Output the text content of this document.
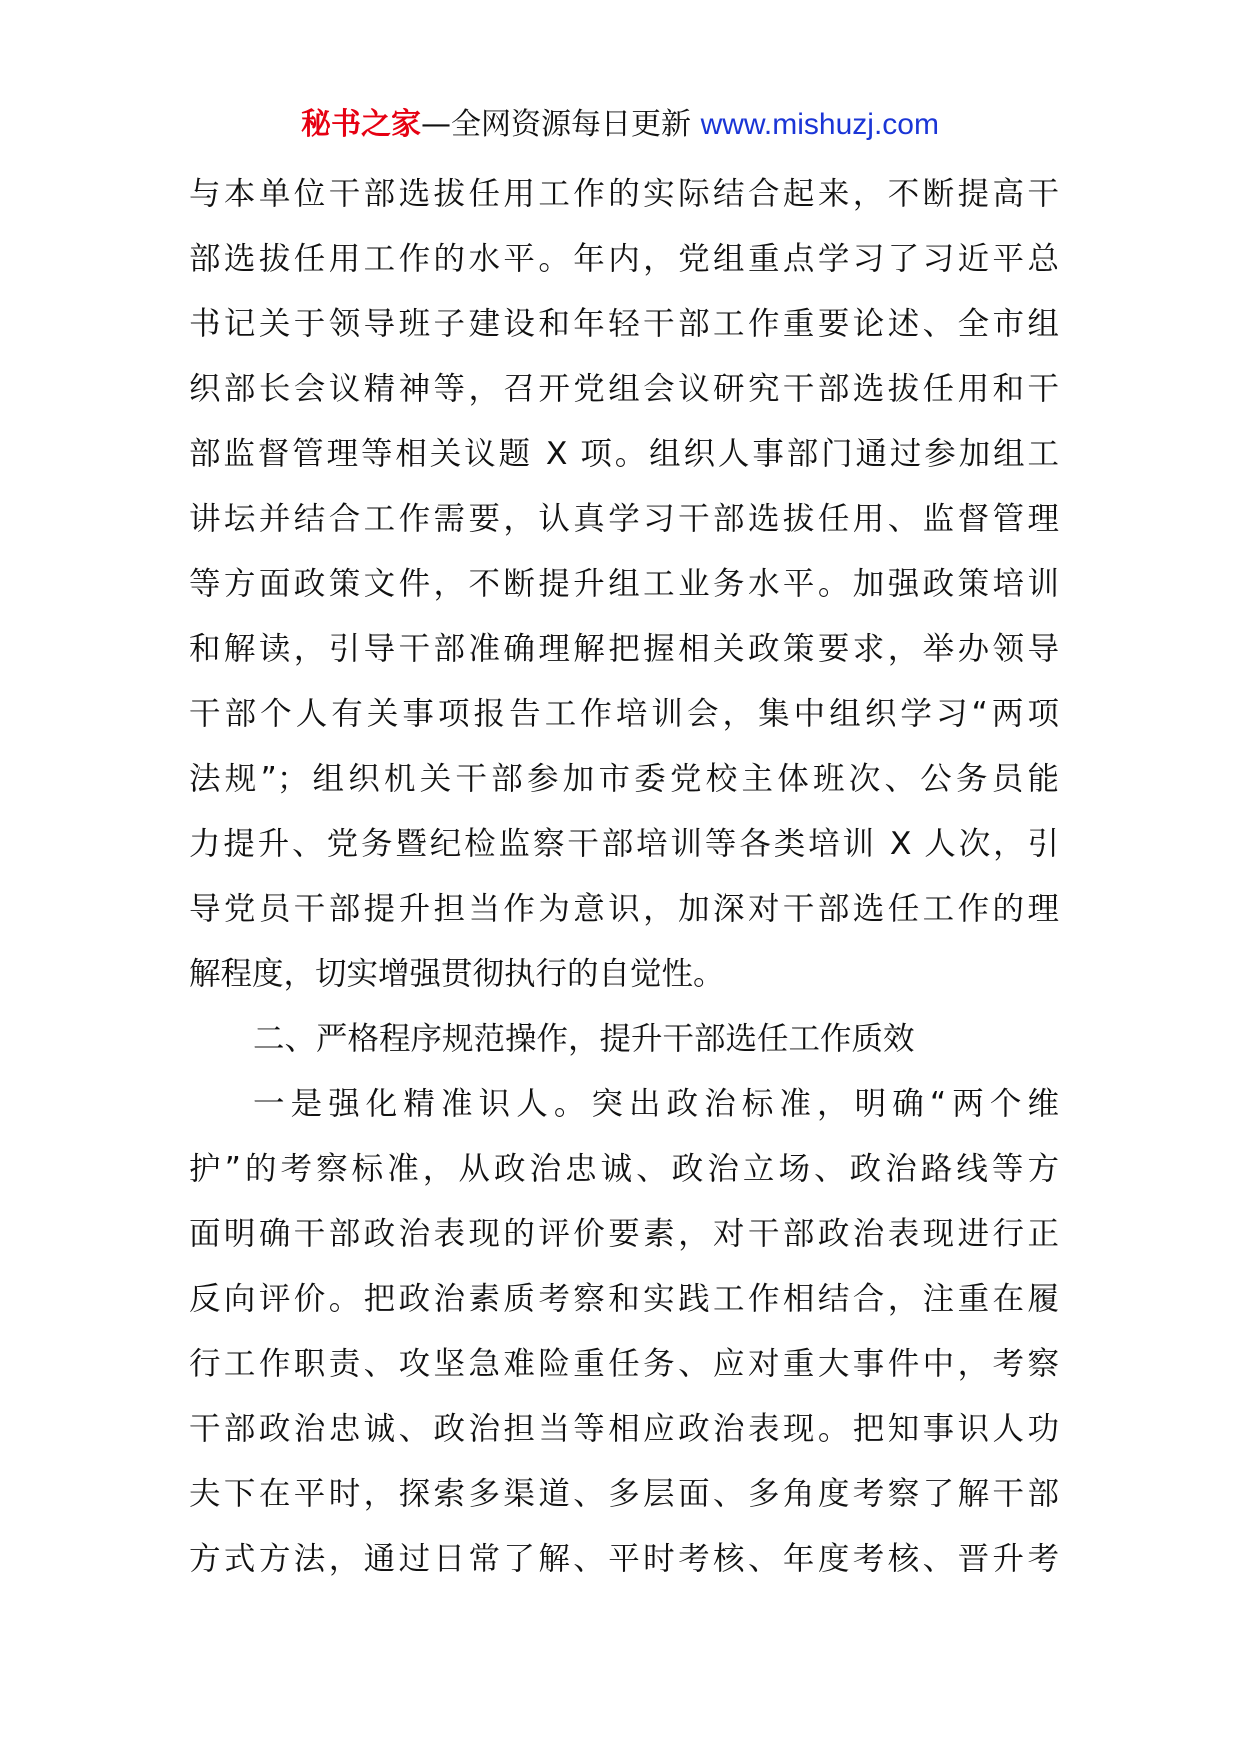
秘书之家—全网资源每日更新 www.mishuzj.com
与本单位干部选拔任用工作的实际结合起来，不断提高干
部选拔任用工作的水平。年内，党组重点学习了习近平总
书记关于领导班子建设和年轻干部工作重要论述、全市组
织部长会议精神等，召开党组会议研究干部选拔任用和干
部监督管理等相关议题 X 项。组织人事部门通过参加组工
讲坛并结合工作需要，认真学习干部选拔任用、监督管理
等方面政策文件，不断提升组工业务水平。加强政策培训
和解读，引导干部准确理解把握相关政策要求，举办领导
干部个人有关事项报告工作培训会，集中组织学习“两项
法规”；组织机关干部参加市委党校主体班次、公务员能
力提升、党务暨纪检监察干部培训等各类培训 X 人次，引
导党员干部提升担当作为意识，加深对干部选任工作的理
解程度，切实增强贯彻执行的自觉性。
二、严格程序规范操作，提升干部选任工作质效
一是强化精准识人。突出政治标准，明确“两个维
护”的考察标准，从政治忠诚、政治立场、政治路线等方
面明确干部政治表现的评价要素，对干部政治表现进行正
反向评价。把政治素质考察和实践工作相结合，注重在履
行工作职责、攻坚急难险重任务、应对重大事件中，考察
干部政治忠诚、政治担当等相应政治表现。把知事识人功
夫下在平时，探索多渠道、多层面、多角度考察了解干部
方式方法，通过日常了解、平时考核、年度考核、晋升考
